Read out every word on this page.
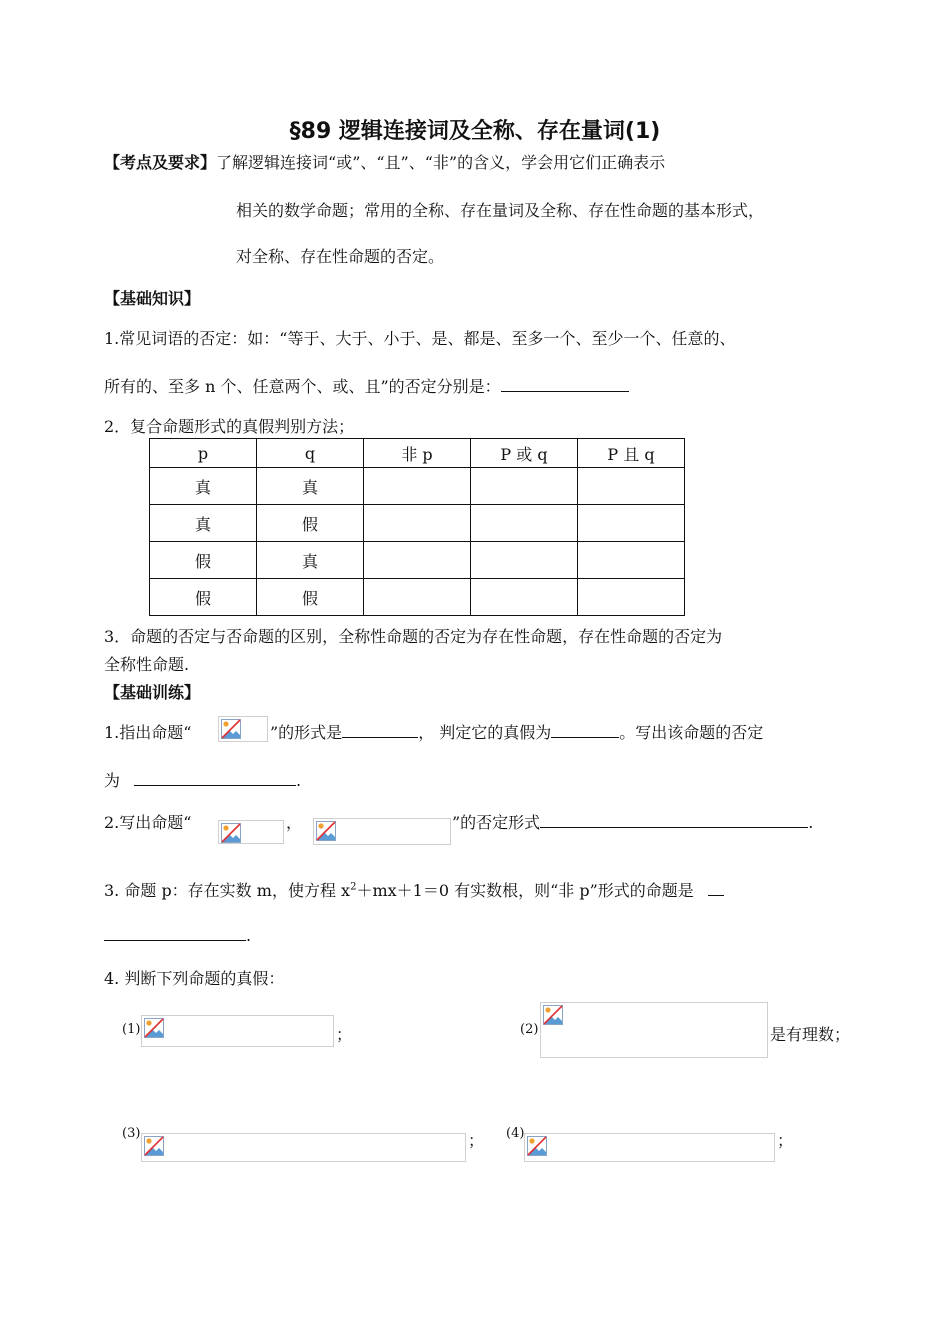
§89 逻辑连接词及全称、存在量词(1)
【考点及要求】了解逻辑连接词“或”、“且”、“非”的含义，学会用它们正确表示
相关的数学命题；常用的全称、存在量词及全称、存在性命题的基本形式，
对全称、存在性命题的否定。
【基础知识】
1.常见词语的否定：如：“等于、大于、小于、是、都是、至多一个、至少一个、任意的、
所有的、至多 n 个、任意两个、或、且”的否定分别是：
2．复合命题形式的真假判别方法；
p	q	非 p	P 或 q	P 且 q
真	真			
真	假			
假	真			
假	假			
3．命题的否定与否命题的区别，全称性命题的否定为存在性命题，存在性命题的否定为
全称性命题.
【基础训练】
1.指出命题“	”的形式是	， 判定它的真假为	。写出该命题的否定
为	.
2.写出命题“	，	”的否定形式	.
3. 命题 p：存在实数 m，使方程 $x^2+mx+1=0$ 有实数根，则“非 p”形式的命题是
.
4. 判断下列命题的真假：
(1)	；	(2)	是有理数；
(3)	； (4)	；
